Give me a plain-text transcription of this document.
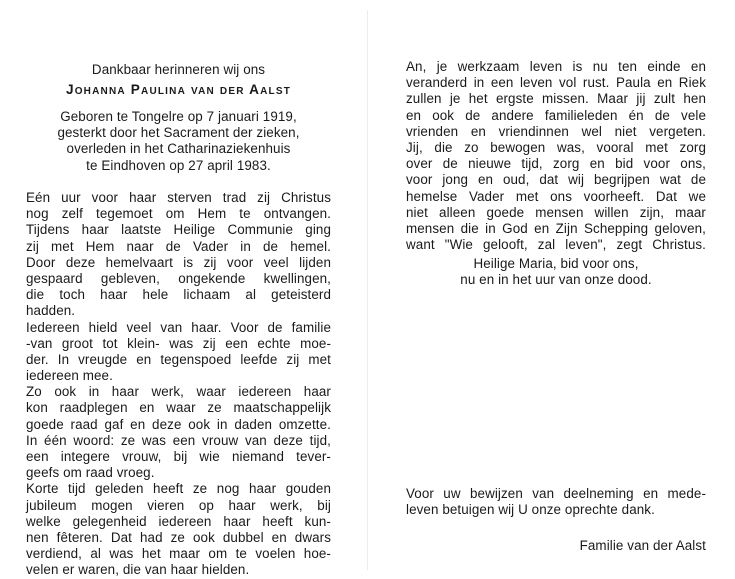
Dankbaar herinneren wij ons
Johanna Paulina van der Aalst
Geboren te Tongelre op 7 januari 1919,
gesterkt door het Sacrament der zieken,
overleden in het Catharinaziekenhuis
te Eindhoven op 27 april 1983.
Eén uur voor haar sterven trad zij Christus
nog zelf tegemoet om Hem te ontvangen.
Tijdens haar laatste Heilige Communie ging
zij met Hem naar de Vader in de hemel.
Door deze hemelvaart is zij voor veel lijden
gespaard gebleven, ongekende kwellingen,
die toch haar hele lichaam al geteisterd
hadden.
Iedereen hield veel van haar. Voor de familie
-van groot tot klein- was zij een echte moe-
der. In vreugde en tegenspoed leefde zij met
iedereen mee.
Zo ook in haar werk, waar iedereen haar
kon raadplegen en waar ze maatschappelijk
goede raad gaf en deze ook in daden omzette.
In één woord: ze was een vrouw van deze tijd,
een integere vrouw, bij wie niemand tever-
geefs om raad vroeg.
Korte tijd geleden heeft ze nog haar gouden
jubileum mogen vieren op haar werk, bij
welke gelegenheid iedereen haar heeft kun-
nen fêteren. Dat had ze ook dubbel en dwars
verdiend, al was het maar om te voelen hoe-
velen er waren, die van haar hielden.
An, je werkzaam leven is nu ten einde en
veranderd in een leven vol rust. Paula en Riek
zullen je het ergste missen. Maar jij zult hen
en ook de andere familieleden én de vele
vrienden en vriendinnen wel niet vergeten.
Jij, die zo bewogen was, vooral met zorg
over de nieuwe tijd, zorg en bid voor ons,
voor jong en oud, dat wij begrijpen wat de
hemelse Vader met ons voorheeft. Dat we
niet alleen goede mensen willen zijn, maar
mensen die in God en Zijn Schepping geloven,
want "Wie gelooft, zal leven", zegt Christus.
Heilige Maria, bid voor ons,
nu en in het uur van onze dood.
Voor uw bewijzen van deelneming en mede-
leven betuigen wij U onze oprechte dank.
Familie van der Aalst
